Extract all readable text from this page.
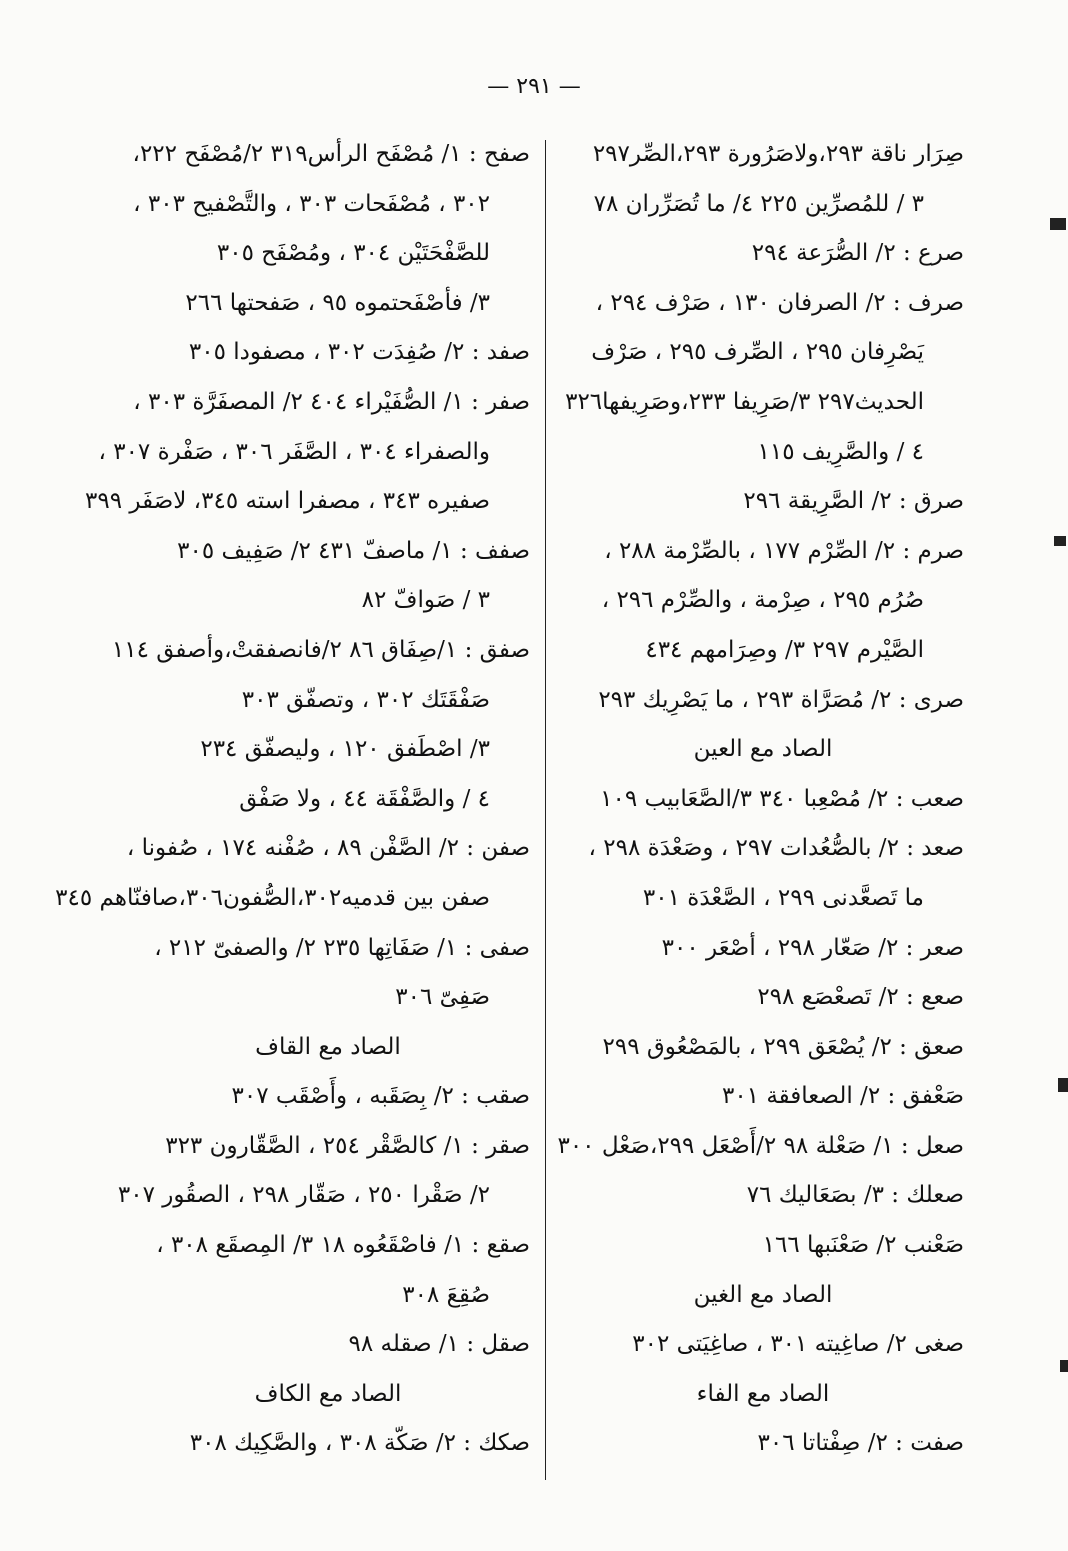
— ٢٩١ —
صِرَار ناقة ٢٩٣،ولاصَرُورة ٢٩٣،الصِّر٢٩٧
٣ / للمُصرِّين ٢٢٥ ٤/ ما تُصَرِّران ٧٨
صرع : ٢/ الصُّرَعة ٢٩٤
صرف : ٢/ الصرفان ١٣٠ ، صَرْف ٢٩٤ ،
يَصْرِفان ٢٩٥ ، الصِّرف ٢٩٥ ، صَرْف
الحديث٢٩٧ ٣/صَرِيفا ٢٣٣،وصَرِيفها٣٢٦
٤ / والصَّرِيف ١١٥
صرق : ٢/ الصَّرِيقة ٢٩٦
صرم : ٢/ الصِّرْم ١٧٧ ، بالصِّرْمة ٢٨٨ ،
صُرُم ٢٩٥ ، صِرْمة ، والصِّرْم ٢٩٦ ،
الصَّيْرم ٢٩٧ ٣/ وصِرَامهم ٤٣٤
صرى : ٢/ مُصَرَّاة ٢٩٣ ، ما يَصْرِيك ٢٩٣
الصاد مع العين
صعب : ٢/ مُصْعِبا ٣٤٠ ٣/الصَّعَابيب ١٠٩
صعد : ٢/ بالصُّعُدات ٢٩٧ ، وصَعْدَة ٢٩٨ ،
ما تَصعَّدنى ٢٩٩ ، الصَّعْدَة ٣٠١
صعر : ٢/ صَعّار ٢٩٨ ، أصْعَر ٣٠٠
صعع : ٢/ تَصعْصَع ٢٩٨
صعق : ٢/ يُصْعَق ٢٩٩ ، بالمَصْعُوق ٢٩٩
صَعْفق : ٢/ الصعافقة ٣٠١
صعل : ١/ صَعْلة ٩٨ ٢/أَصْعَل ٢٩٩،صَعْل ٣٠٠
صعلك : ٣/ بصَعَاليك ٧٦
صَعْنب ٢/ صَعْنَبها ١٦٦
الصاد مع الغين
صغى ٢/ صاغِيته ٣٠١ ، صاغِيَتى ٣٠٢
الصاد مع الفاء
صفت : ٢/ صِفْتاتا ٣٠٦
صفح : ١/ مُصْفَح الرأس٣١٩ ٢/مُصْفَح ٢٢٢،
٣٠٢ ، مُصْفَحات ٣٠٣ ، والتَّصْفيح ٣٠٣ ،
للصَّفْحَتَيْن ٣٠٤ ، ومُصْفَح ٣٠٥
٣/ فأصْفَحتموه ٩٥ ، صَفحتها ٢٦٦
صفد : ٢/ صُفِدَت ٣٠٢ ، مصفودا ٣٠٥
صفر : ١/ الصُّفَيْراء ٤٠٤ ٢/ المصفَرَّة ٣٠٣ ،
والصفراء ٣٠٤ ، الصَّفَر ٣٠٦ ، صَفْرة ٣٠٧ ،
صفيره ٣٤٣ ، مصفرا استه ٣٤٥، لاصَفَر ٣٩٩
صفف : ١/ ماصفّ ٤٣١ ٢/ صَفِيف ٣٠٥
٣ / صَوافّ ٨٢
صفق : ١/صِفَاق ٨٦ ٢/فانصفقتْ،وأصفق ١١٤
صَفْقَتَك ٣٠٢ ، وتصفّق ٣٠٣
٣/ اصْطَفق ١٢٠ ، وليصفّق ٢٣٤
٤ / والصَّفْقَة ٤٤ ، ولا صَفْق
صفن : ٢/ الصَّفْن ٨٩ ، صُفْنه ١٧٤ ، صُفونا ،
صفن بين قدميه٣٠٢،الصُّفون٣٠٦،صافنّاهم ٣٤٥
صفى : ١/ صَفَاتِها ٢٣٥ ٢/ والصفىّ ٢١٢ ،
صَفِىّ ٣٠٦
الصاد مع القاف
صقب : ٢/ بِصَقَبه ، وأَصْقَب ٣٠٧
صقر : ١/ كالصَّقْر ٢٥٤ ، الصَّقّارون ٣٢٣
٢/ صَقْرا ٢٥٠ ، صَقّار ٢٩٨ ، الصقُور ٣٠٧
صقع : ١/ فاصْقَعُوه ١٨ ٣/ المِصقَع ٣٠٨ ،
صُقِعَ ٣٠٨
صقل : ١/ صقله ٩٨
الصاد مع الكاف
صكك : ٢/ صَكّة ٣٠٨ ، والصَّكِيك ٣٠٨
